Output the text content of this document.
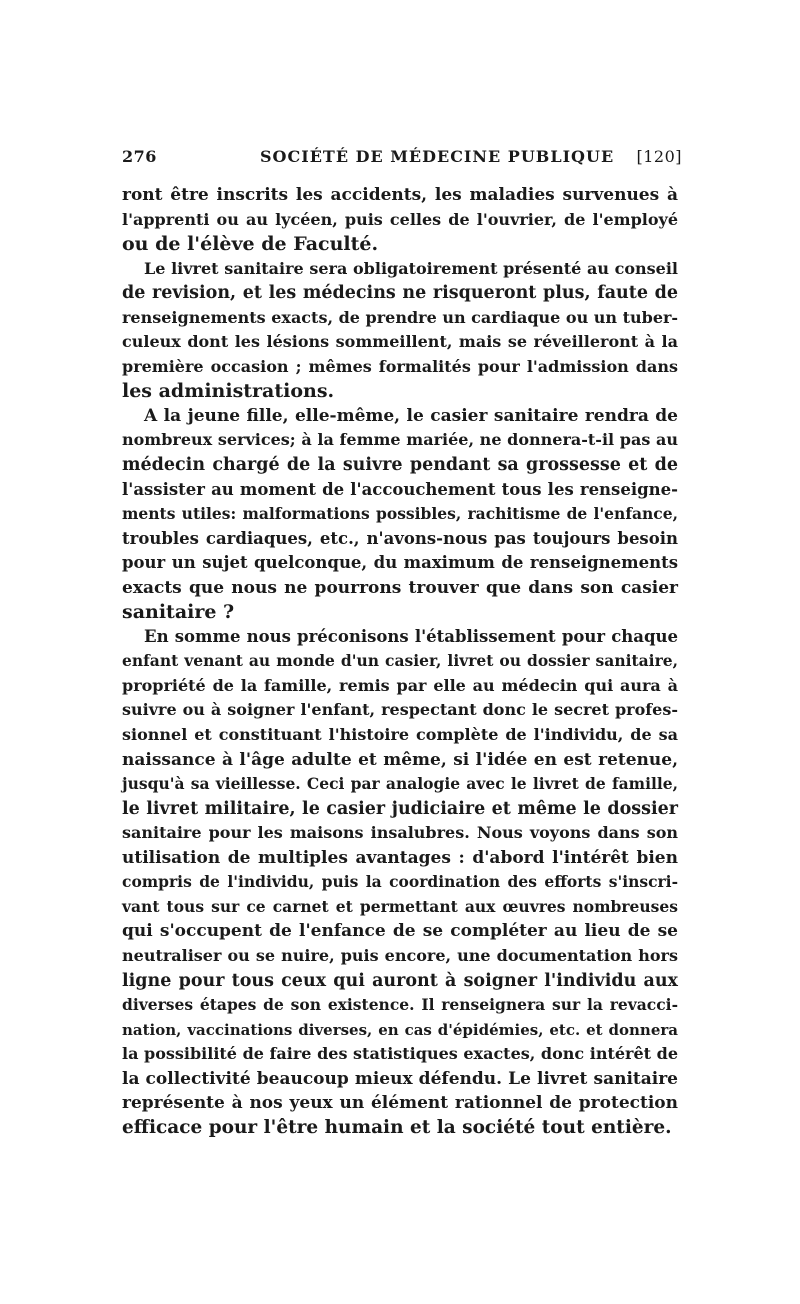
276	SOCIÉTÉ DE MÉDECINE PUBLIQUE [120]
ront être inscrits les accidents, les maladies survenues à
l'apprenti ou au lycéen, puis celles de l'ouvrier, de l'employé
ou de l'élève de Faculté.
Le livret sanitaire sera obligatoirement présenté au conseil
de revision, et les médecins ne risqueront plus, faute de
renseignements exacts, de prendre un cardiaque ou un tuber-
culeux dont les lésions sommeillent, mais se réveilleront à la
première occasion ; mêmes formalités pour l'admission dans
les administrations.
A la jeune fille, elle-même, le casier sanitaire rendra de
nombreux services; à la femme mariée, ne donnera-t-il pas au
médecin chargé de la suivre pendant sa grossesse et de
l'assister au moment de l'accouchement tous les renseigne-
ments utiles: malformations possibles, rachitisme de l'enfance,
troubles cardiaques, etc., n'avons-nous pas toujours besoin
pour un sujet quelconque, du maximum de renseignements
exacts que nous ne pourrons trouver que dans son casier
sanitaire ?
En somme nous préconisons l'établissement pour chaque
enfant venant au monde d'un casier, livret ou dossier sanitaire,
propriété de la famille, remis par elle au médecin qui aura à
suivre ou à soigner l'enfant, respectant donc le secret profes-
sionnel et constituant l'histoire complète de l'individu, de sa
naissance à l'âge adulte et même, si l'idée en est retenue,
jusqu'à sa vieillesse. Ceci par analogie avec le livret de famille,
le livret militaire, le casier judiciaire et même le dossier
sanitaire pour les maisons insalubres. Nous voyons dans son
utilisation de multiples avantages : d'abord l'intérêt bien
compris de l'individu, puis la coordination des efforts s'inscri-
vant tous sur ce carnet et permettant aux œuvres nombreuses
qui s'occupent de l'enfance de se compléter au lieu de se
neutraliser ou se nuire, puis encore, une documentation hors
ligne pour tous ceux qui auront à soigner l'individu aux
diverses étapes de son existence. Il renseignera sur la revacci-
nation, vaccinations diverses, en cas d'épidémies, etc. et donnera
la possibilité de faire des statistiques exactes, donc intérêt de
la collectivité beaucoup mieux défendu. Le livret sanitaire
représente à nos yeux un élément rationnel de protection
efficace pour l'être humain et la société tout entière.
